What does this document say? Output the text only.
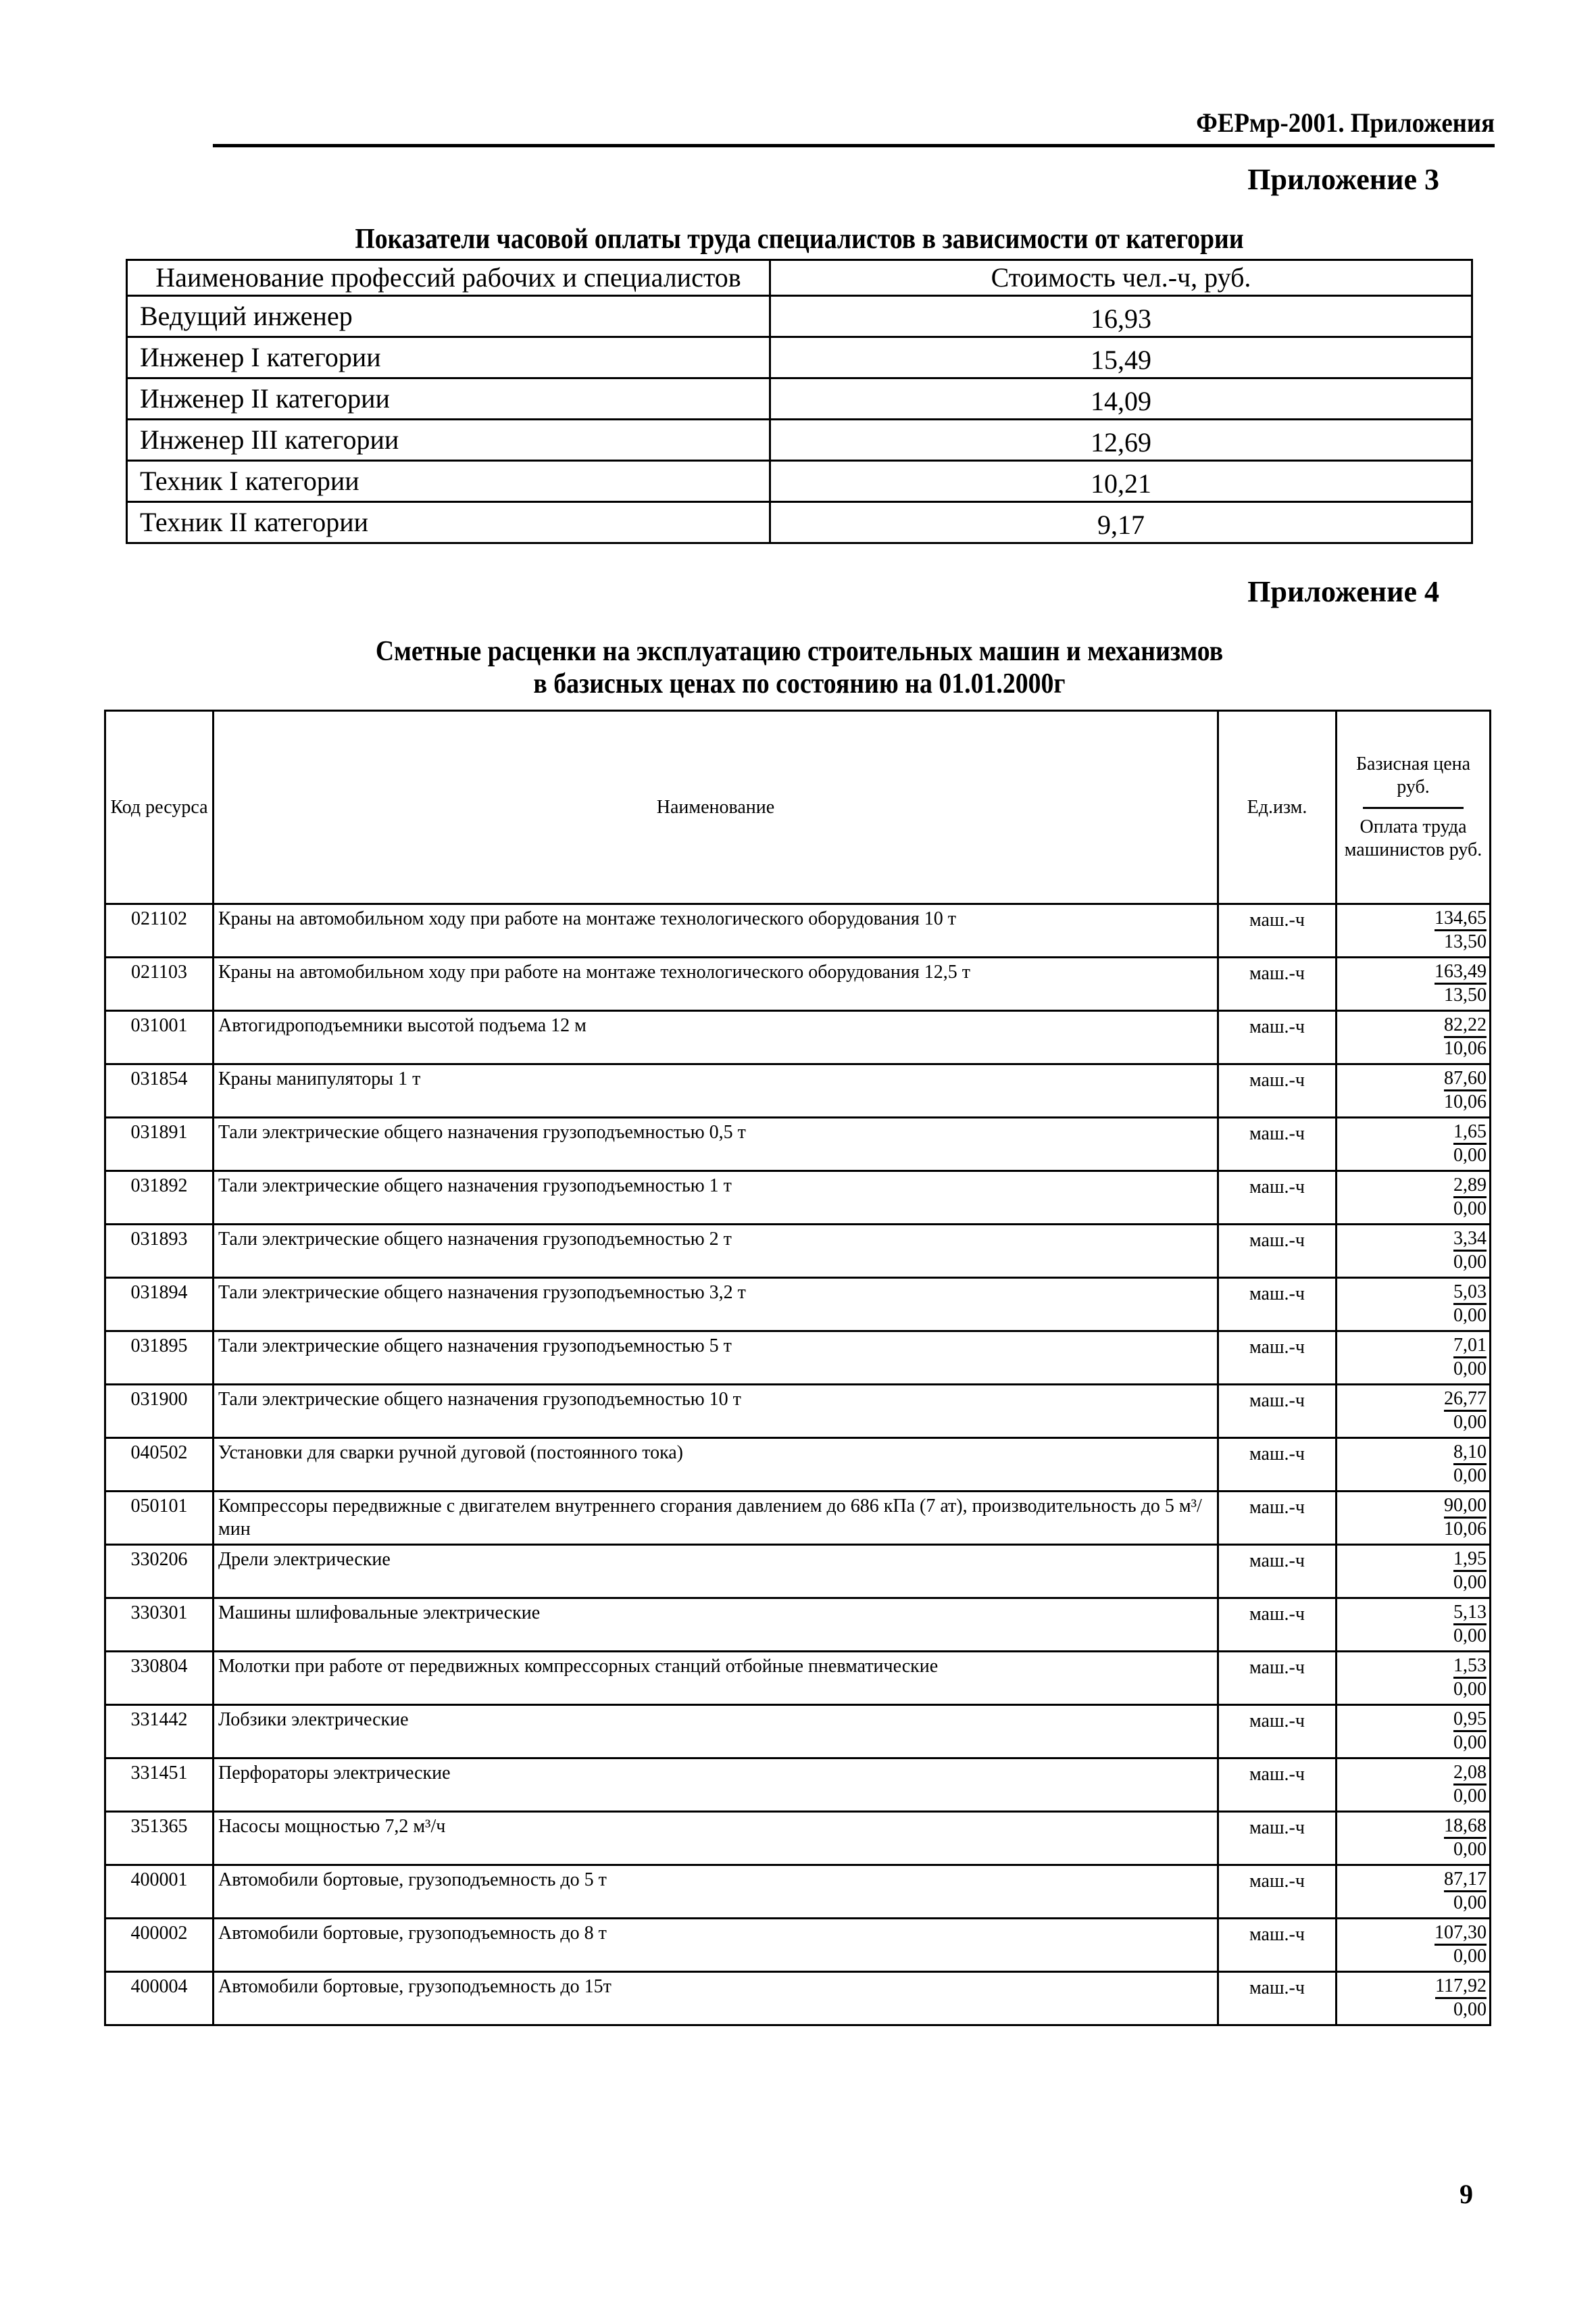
ФЕРмр-2001. Приложения
Приложение 3
Показатели часовой оплаты труда специалистов в зависимости от категории
Наименование профессий рабочих и специалистов	Стоимость чел.-ч, руб.
Ведущий инженер	16,93
Инженер I категории	15,49
Инженер II категории	14,09
Инженер III категории	12,69
Техник I категории	10,21
Техник II категории	9,17
Приложение 4
Сметные расценки на эксплуатацию строительных машин и механизмов
в базисных ценах по состоянию на 01.01.2000г
Код ресурса	Наименование	Ед.изм.	Базисная цена руб.
Оплата труда машинистов руб.

021102	Краны на автомобильном ходу при работе на монтаже технологического оборудования 10 т	маш.-ч	134,65
13,50

021103	Краны на автомобильном ходу при работе на монтаже технологического оборудования 12,5 т	маш.-ч	163,49
13,50

031001	Автогидроподъемники высотой подъема 12 м	маш.-ч	82,22
10,06

031854	Краны манипуляторы 1 т	маш.-ч	87,60
10,06

031891	Тали электрические общего назначения грузоподъемностью 0,5 т	маш.-ч	1,65
0,00

031892	Тали электрические общего назначения грузоподъемностью 1 т	маш.-ч	2,89
0,00

031893	Тали электрические общего назначения грузоподъемностью 2 т	маш.-ч	3,34
0,00

031894	Тали электрические общего назначения грузоподъемностью 3,2 т	маш.-ч	5,03
0,00

031895	Тали электрические общего назначения грузоподъемностью 5 т	маш.-ч	7,01
0,00

031900	Тали электрические общего назначения грузоподъемностью 10 т	маш.-ч	26,77
0,00

040502	Установки для сварки ручной дуговой (постоянного тока)	маш.-ч	8,10
0,00

050101	Компрессоры передвижные с двигателем внутреннего сгорания давлением до 686 кПа (7 ат), производительность до 5 м³/мин	маш.-ч	90,00
10,06

330206	Дрели электрические	маш.-ч	1,95
0,00

330301	Машины шлифовальные электрические	маш.-ч	5,13
0,00

330804	Молотки при работе от передвижных компрессорных станций отбойные пневматические	маш.-ч	1,53
0,00

331442	Лобзики электрические	маш.-ч	0,95
0,00

331451	Перфораторы электрические	маш.-ч	2,08
0,00

351365	Насосы мощностью 7,2 м³/ч	маш.-ч	18,68
0,00

400001	Автомобили бортовые, грузоподъемность до 5 т	маш.-ч	87,17
0,00

400002	Автомобили бортовые, грузоподъемность до 8 т	маш.-ч	107,30
0,00

400004	Автомобили бортовые, грузоподъемность до 15т	маш.-ч	117,92
0,00
9
